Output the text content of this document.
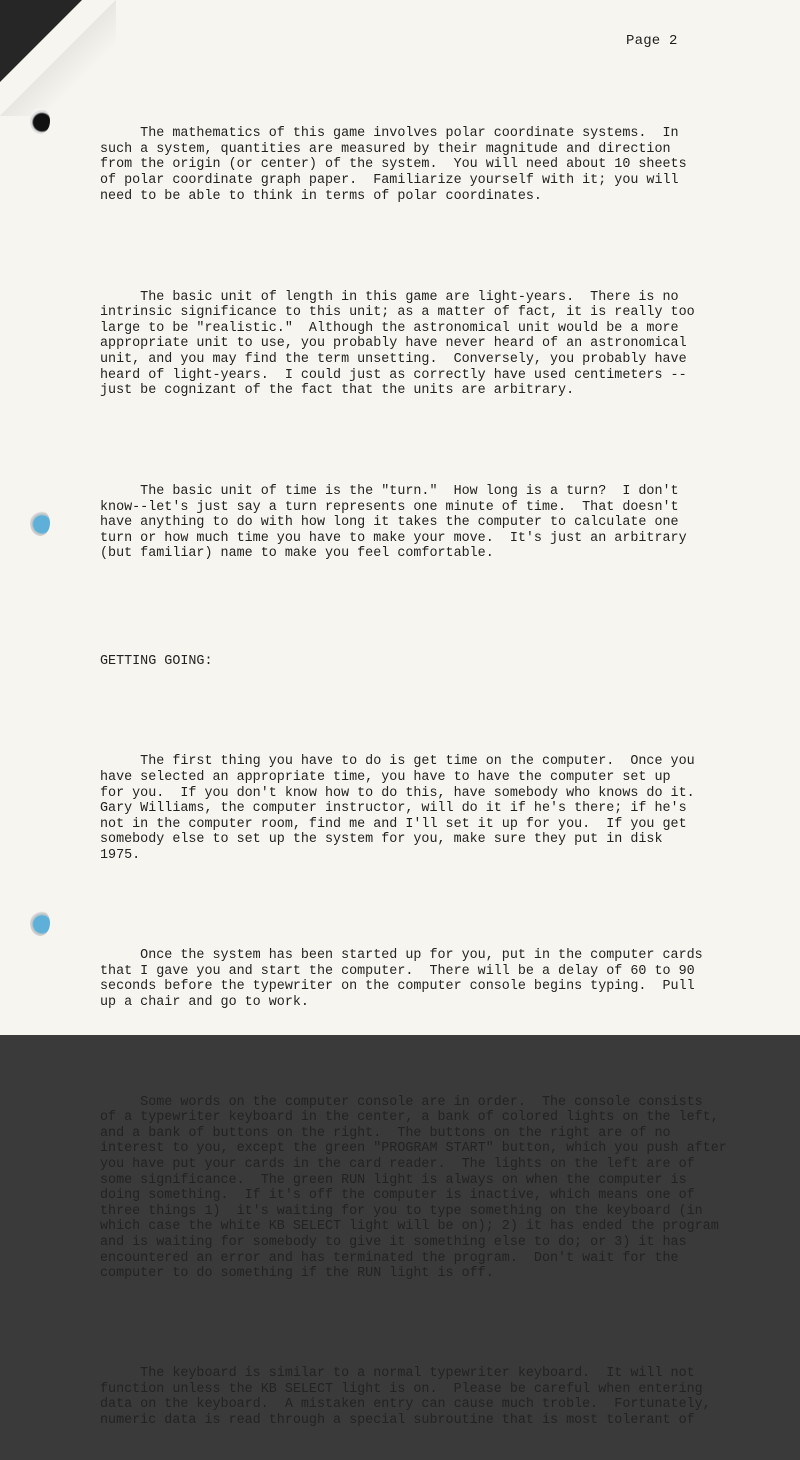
Page 2

The mathematics of this game involves polar coordinate systems.  In
such a system, quantities are measured by their magnitude and direction
from the origin (or center) of the system.  You will need about 10 sheets
of polar coordinate graph paper.  Familiarize yourself with it; you will
need to be able to think in terms of polar coordinates.

The basic unit of length in this game are light-years.  There is no
intrinsic significance to this unit; as a matter of fact, it is really too
large to be "realistic."  Although the astronomical unit would be a more
appropriate unit to use, you probably have never heard of an astronomical
unit, and you may find the term unsetting.  Conversely, you probably have
heard of light-years.  I could just as correctly have used centimeters --
just be cognizant of the fact that the units are arbitrary.

The basic unit of time is the "turn."  How long is a turn?  I don't
know--let's just say a turn represents one minute of time.  That doesn't
have anything to do with how long it takes the computer to calculate one
turn or how much time you have to make your move.  It's just an arbitrary
(but familiar) name to make you feel comfortable.

GETTING GOING:

The first thing you have to do is get time on the computer.  Once you
have selected an appropriate time, you have to have the computer set up
for you.  If you don't know how to do this, have somebody who knows do it.
Gary Williams, the computer instructor, will do it if he's there; if he's
not in the computer room, find me and I'll set it up for you.  If you get
somebody else to set up the system for you, make sure they put in disk
1975.

Once the system has been started up for you, put in the computer cards
that I gave you and start the computer.  There will be a delay of 60 to 90
seconds before the typewriter on the computer console begins typing.  Pull
up a chair and go to work.

Some words on the computer console are in order.  The console consists
of a typewriter keyboard in the center, a bank of colored lights on the left,
and a bank of buttons on the right.  The buttons on the right are of no
interest to you, except the green "PROGRAM START" button, which you push after
you have put your cards in the card reader.  The lights on the left are of
some significance.  The green RUN light is always on when the computer is
doing something.  If it's off the computer is inactive, which means one of
three things 1)  it's waiting for you to type something on the keyboard (in
which case the white KB SELECT light will be on); 2) it has ended the program
and is waiting for somebody to give it something else to do; or 3) it has
encountered an error and has terminated the program.  Don't wait for the
computer to do something if the RUN light is off.

The keyboard is similar to a normal typewriter keyboard.  It will not
function unless the KB SELECT light is on.  Please be careful when entering
data on the keyboard.  A mistaken entry can cause much troble.  Fortunately,
numeric data is read through a special subroutine that is most tolerant of
